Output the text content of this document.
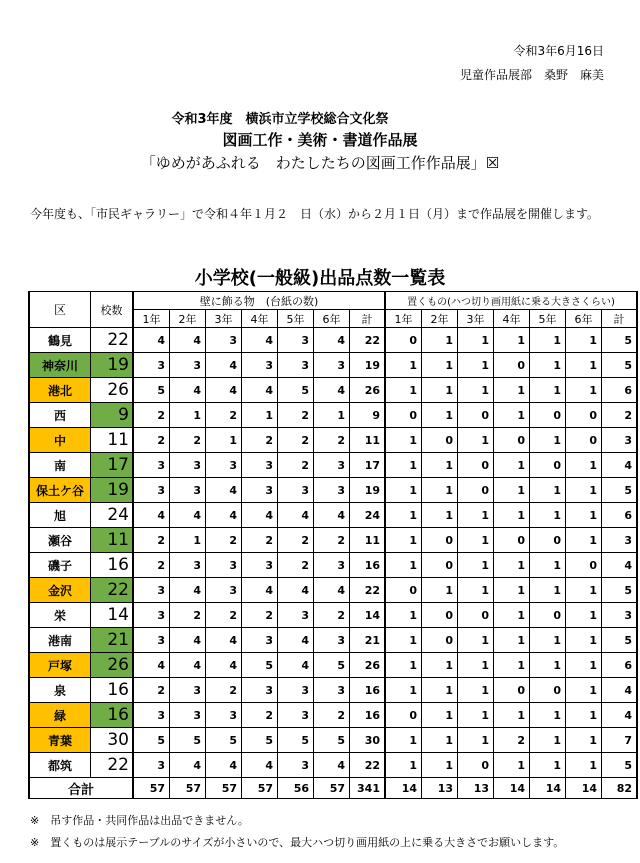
令和3年6月16日
児童作品展部　桑野　麻美
令和3年度　横浜市立学校総合文化祭
図画工作・美術・書道作品展
「ゆめがあふれる　わたしたちの図画工作作品展」☒
今年度も、「市民ギャラリー」で令和４年１月２　日（水）から２月１日（月）まで作品展を開催します。
小学校(一般級)出品点数一覧表
区	校数	壁に飾る物　(台紙の数)							置くもの(ハつ切り画用紙に乗る大きさくらい)						
		1年	2年	3年	4年	5年	6年	計	1年	2年	3年	4年	5年	6年	計
鶴見	22	4	4	3	4	3	4	22	0	1	1	1	1	1	5
神奈川	19	3	3	4	3	3	3	19	1	1	1	0	1	1	5
港北	26	5	4	4	4	5	4	26	1	1	1	1	1	1	6
西	9	2	1	2	1	2	1	9	0	1	0	1	0	0	2
中	11	2	2	1	2	2	2	11	1	0	1	0	1	0	3
南	17	3	3	3	3	2	3	17	1	1	0	1	0	1	4
保土ケ谷	19	3	3	4	3	3	3	19	1	1	0	1	1	1	5
旭	24	4	4	4	4	4	4	24	1	1	1	1	1	1	6
瀬谷	11	2	1	2	2	2	2	11	1	0	1	0	0	1	3
磯子	16	2	3	3	3	2	3	16	1	0	1	1	1	0	4
金沢	22	3	4	3	4	4	4	22	0	1	1	1	1	1	5
栄	14	3	2	2	2	3	2	14	1	0	0	1	0	1	3
港南	21	3	4	4	3	4	3	21	1	0	1	1	1	1	5
戸塚	26	4	4	4	5	4	5	26	1	1	1	1	1	1	6
泉	16	2	3	2	3	3	3	16	1	1	1	0	0	1	4
緑	16	3	3	3	2	3	2	16	0	1	1	1	1	1	4
青葉	30	5	5	5	5	5	5	30	1	1	1	2	1	1	7
都筑	22	3	4	4	4	3	4	22	1	1	0	1	1	1	5
合計		57	57	57	57	56	57	341	14	13	13	14	14	14	82
※　吊す作品・共同作品は出品できません。
※　置くものは展示テーブルのサイズが小さいので、最大ハつ切り画用紙の上に乗る大きさでお願いします。
